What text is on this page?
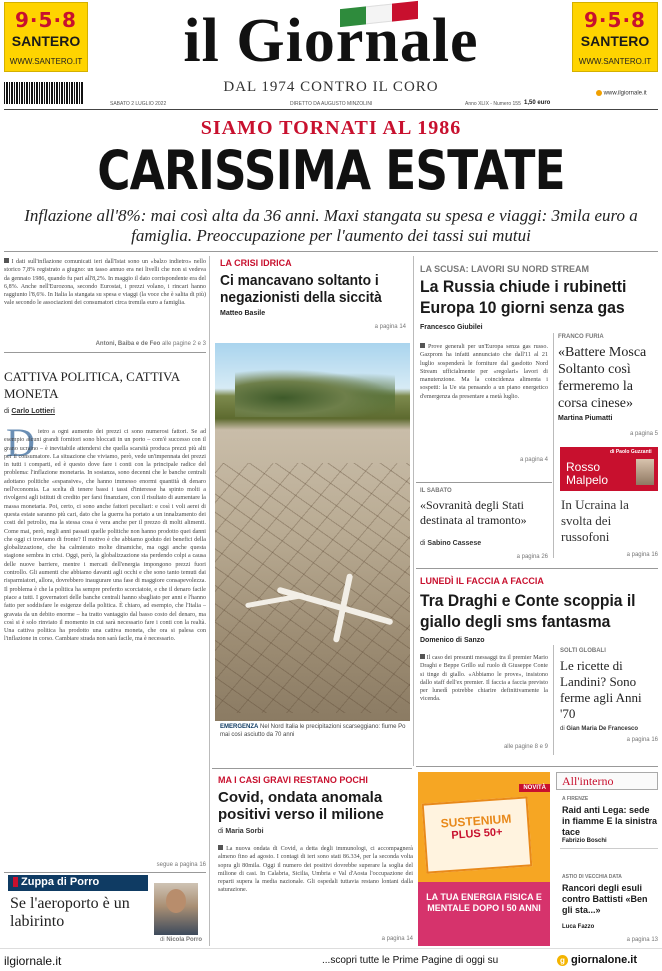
9·5·8
SANTERO
WWW.SANTERO.IT
9·5·8
SANTERO
WWW.SANTERO.IT
il Giornale
DAL 1974 CONTRO IL CORO
SABATO 2 LUGLIO 2022	DIRETTO DA AUGUSTO MINZOLINI	Anno XLIX - Numero 155 1,50 euro
www.ilgiornale.it
SIAMO TORNATI AL 1986
CARISSIMA ESTATE
Inflazione all'8%: mai così alta da 36 anni. Maxi stangata su spesa e viaggi: 3mila euro a famiglia. Preoccupazione per l'aumento dei tassi sui mutui
I dati sull'inflazione comunicati ieri dall'Istat sono un «balzo indietro» nello storico 7,8% registrato a giugno: un tasso annuo era nei livelli che non si vedeva da gennaio 1986, quando fu pari all'8,2%. In maggio il dato corrispondente era del 6,8%. Anche nell'Eurozona, secondo Eurostat, i prezzi volano, i rincari hanno raggiunto l'8,6%. In Italia la stangata su spesa e viaggi (la voce che è salita di più) vale secondo le associazioni dei consumatori circa tremila euro a famiglia.
Antoni, Baiba e de Feo alle pagine 2 e 3
CATTIVA POLITICA, CATTIVA MONETA
di Carlo Lottieri
D ietro a ogni aumento dei prezzi ci sono numerosi fattori. Se ad esempio alcuni grandi fornitori sono bloccati in un porto – com'è successo con il grano ucraino – è inevitabile attendersi che quella scarsità produca prezzi più alti per il consumatore. La situazione che viviamo, però, vede un'impennata dei prezzi in tutti i comparti, ed è questo dove fare i conti con la principale radice del problema: l'inflazione monetaria. In sostanza, sono decenni che le banche centrali adottano politiche «espansive», che hanno immesso enormi quantità di denaro nell'economia. La scelta di tenere bassi i tassi d'interesse ha spinto molti a rivolgersi agli istituti di credito per farsi finanziare, con il risultato di aumentare la massa monetaria. Poi, certo, ci sono anche fattori peculiari: e così i voli aerei di questa estate saranno più cari, dato che la guerra ha portato a un innalzamento dei costi del petrolio, ma la stessa cosa è vera anche per il prezzo di molti alimenti. Come mai, però, negli anni passati quelle politiche non hanno prodotto quei danni che oggi ci troviamo di fronte? Il motivo è che abbiamo goduto dei benefici della globalizzazione, che ha calmierato molte dinamiche, ma oggi anche questa stagione sembra in crisi. Oggi, però, la globalizzazione sta perdendo colpi a causa delle nuove barriere, mentre i mercati dell'energia impongono prezzi fuori controllo. Gli aumenti che abbiamo davanti agli occhi e che sono tanto temuti dai risparmiatori, allora, dovrebbero inaugurare una fase di maggiore consapevolezza. Il problema è che la politica ha sempre preferito scorciatoie, e che il denaro facile piace a tutti. I governatori delle banche centrali hanno sbagliato per anni e l'hanno fatto per soddisfare le esigenze della politica. È chiaro, ad esempio, che l'Italia – gravata da un debito enorme – ha tratto vantaggio dal basso costo del denaro, ma così si è solo rinviato il momento in cui sarà necessario fare i conti con la realtà. Una cattiva politica ha prodotto una cattiva moneta, che ora si palesa con l'inflazione in corso. Cambiare strada non sarà facile, ma è necessario.
segue a pagina 16
Zuppa di Porro
Se l'aeroporto è un labirinto
di Nicola Porro
LA CRISI IDRICA
Ci mancavano soltanto i negazionisti della siccità
Matteo Basile
a pagina 14
EMERGENZA Nel Nord Italia le precipitazioni scarseggiano: fiume Po mai così asciutto da 70 anni
MA I CASI GRAVI RESTANO POCHI
Covid, ondata anomala positivi verso il milione
di Maria Sorbi
La nuova ondata di Covid, a detta degli immunologi, ci accompagnerà almeno fino ad agosto. I contagi di ieri sono stati 86.334, per la seconda volta sopra gli 80mila. Oggi il numero dei positivi dovrebbe superare la soglia del milione di casi. In Calabria, Sicilia, Umbria e Val d'Aosta l'occupazione dei reparti supera la media nazionale. Gli ospedali tuttavia restano lontani dalla saturazione.
a pagina 14
LA SCUSA: LAVORI SU NORD STREAM
La Russia chiude i rubinetti Europa 10 giorni senza gas
Francesco Giubilei
Prove generali per un'Europa senza gas russo. Gazprom ha infatti annunciato che dall'11 al 21 luglio sospenderà le forniture dal gasdotto Nord Stream ufficialmente per «regolari» lavori di manutenzione. Ma la coincidenza alimenta i sospetti: la Ue sta pensando a un piano energetico d'emergenza da presentare a metà luglio.
a pagina 4
FRANCO FURIA
«Battere Mosca Soltanto così fermeremo la corsa cinese»
Martina Piumatti
a pagina 5
Rosso
Malpelo
di Paolo Guzzanti
In Ucraina la svolta dei russofoni
a pagina 16
IL SABATO
«Sovranità degli Stati destinata al tramonto»
di Sabino Cassese
a pagina 26
LUNEDÌ IL FACCIA A FACCIA
Tra Draghi e Conte scoppia il giallo degli sms fantasma
Domenico di Sanzo
Il caso dei presunti messaggi tra il premier Mario Draghi e Beppe Grillo sul ruolo di Giuseppe Conte si tinge di giallo. «Abbiamo le prove», insistono dallo staff dell'ex premier. Il faccia a faccia previsto per lunedì potrebbe chiarire definitivamente la vicenda.
alle pagine 8 e 9
SOLTI GLOBALI
Le ricette di Landini? Sono ferme agli Anni '70
di Gian Maria De Francesco
a pagina 16
NOVITÀ
SUSTENIUM
PLUS 50+
LA TUA ENERGIA FISICA E MENTALE DOPO I 50 ANNI
All'interno
A FIRENZE
Raid anti Lega: sede in fiamme E la sinistra tace
Fabrizio Boschi
ASTIO DI VECCHIA DATA
Rancori degli esuli contro Battisti «Ben gli sta...»
Luca Fazzo
a pagina 13
ilgiornale.it	...scopri tutte le Prime Pagine di oggi su	g giornalone.it
